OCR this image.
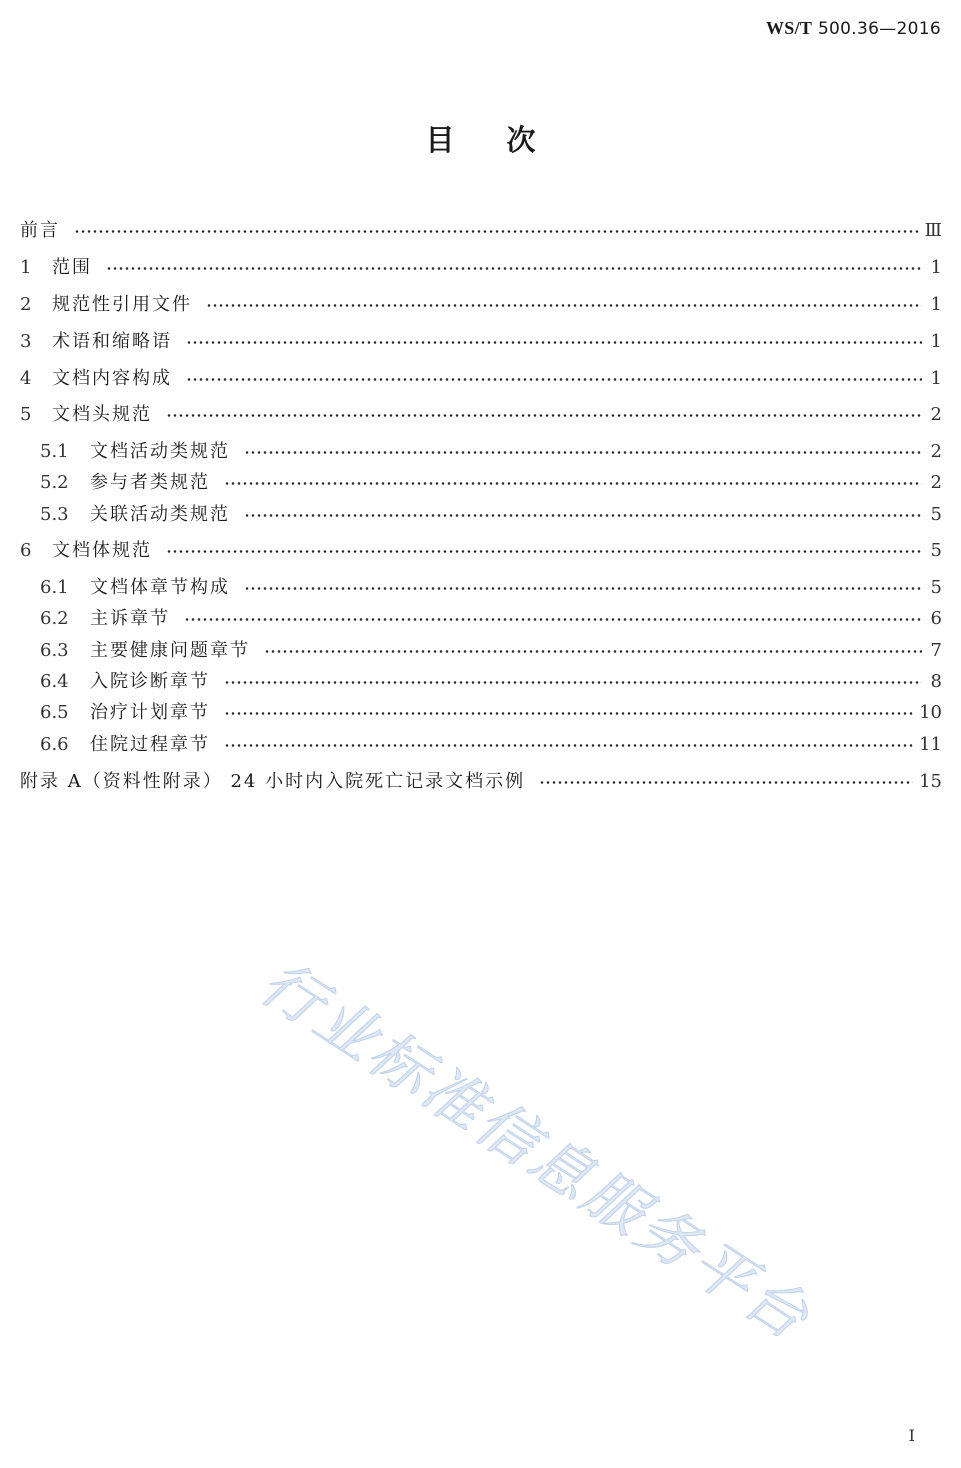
WS/T 500.36—2016
目次
前言	Ⅲ
1	范围	1
2	规范性引用文件	1
3	术语和缩略语	1
4	文档内容构成	1
5	文档头规范	2
5.1	文档活动类规范	2
5.2	参与者类规范	2
5.3	关联活动类规范	5
6	文档体规范	5
6.1	文档体章节构成	5
6.2	主诉章节	6
6.3	主要健康问题章节	7
6.4	入院诊断章节	8
6.5	治疗计划章节	10
6.6	住院过程章节	11
附录 A（资料性附录） 24 小时内入院死亡记录文档示例	15
行业标准信息服务平台
Ⅰ
